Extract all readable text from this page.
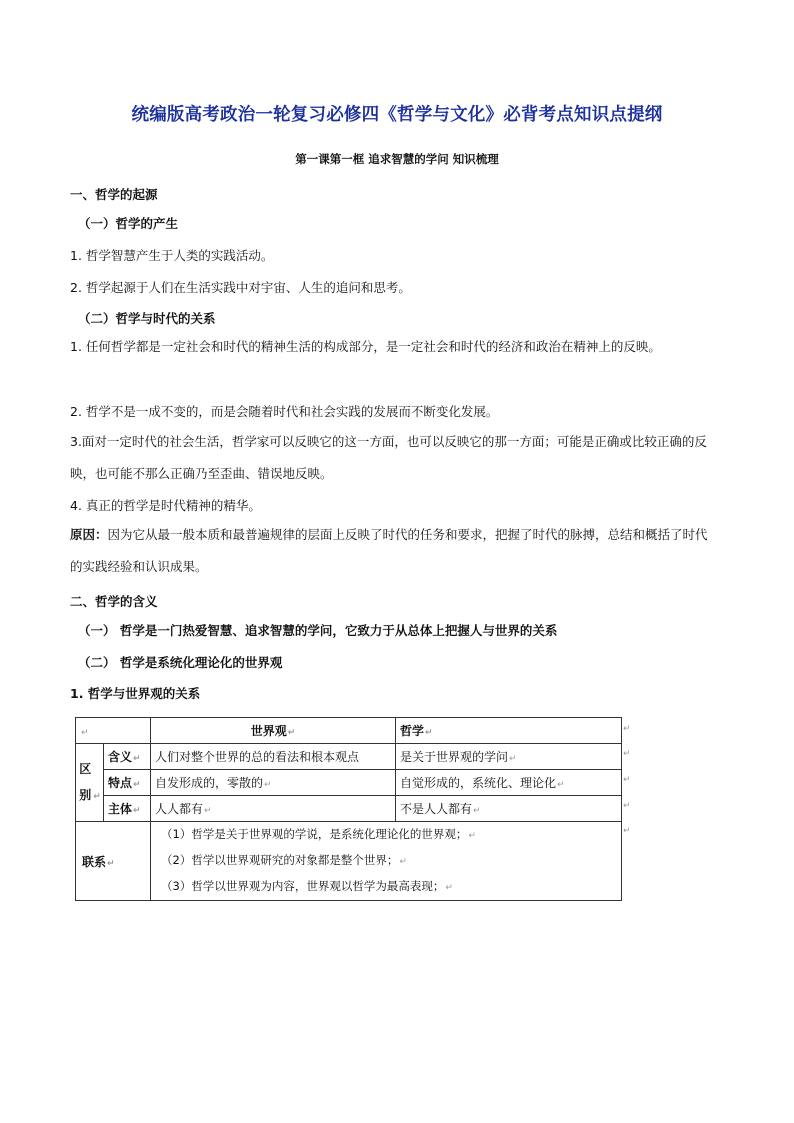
统编版高考政治一轮复习必修四《哲学与文化》必背考点知识点提纲
第一课第一框 追求智慧的学问 知识梳理
一、哲学的起源
（一）哲学的产生
1. 哲学智慧产生于人类的实践活动。
2. 哲学起源于人们在生活实践中对宇宙、人生的追问和思考。
（二）哲学与时代的关系
1. 任何哲学都是一定社会和时代的精神生活的构成部分，是一定社会和时代的经济和政治在精神上的反映。
2. 哲学不是一成不变的，而是会随着时代和社会实践的发展而不断变化发展。
3.面对一定时代的社会生活，哲学家可以反映它的这一方面，也可以反映它的那一方面；可能是正确或比较正确的反映，也可能不那么正确乃至歪曲、错误地反映。
4. 真正的哲学是时代精神的精华。
原因：因为它从最一般本质和最普遍规律的层面上反映了时代的任务和要求，把握了时代的脉搏，总结和概括了时代的实践经验和认识成果。
二、哲学的含义
（一） 哲学是一门热爱智慧、追求智慧的学问，它致力于从总体上把握人与世界的关系
（二） 哲学是系统化理论化的世界观
1. 哲学与世界观的关系
↵		世界观↵	哲学↵
区别 ↵	含义↵	人们对整个世界的总的看法和根本观点	是关于世界观的学问↵
	特点↵	自发形成的，零散的↵	自觉形成的，系统化、理论化↵
	主体↵	人人都有↵	不是人人都有↵
联系↵		（1）哲学是关于世界观的学说，是系统化理论化的世界观；↵
（2）哲学以世界观研究的对象都是整个世界；↵
（3）哲学以世界观为内容，世界观以哲学为最高表现；↵	
↵
↵
↵
↵
↵
